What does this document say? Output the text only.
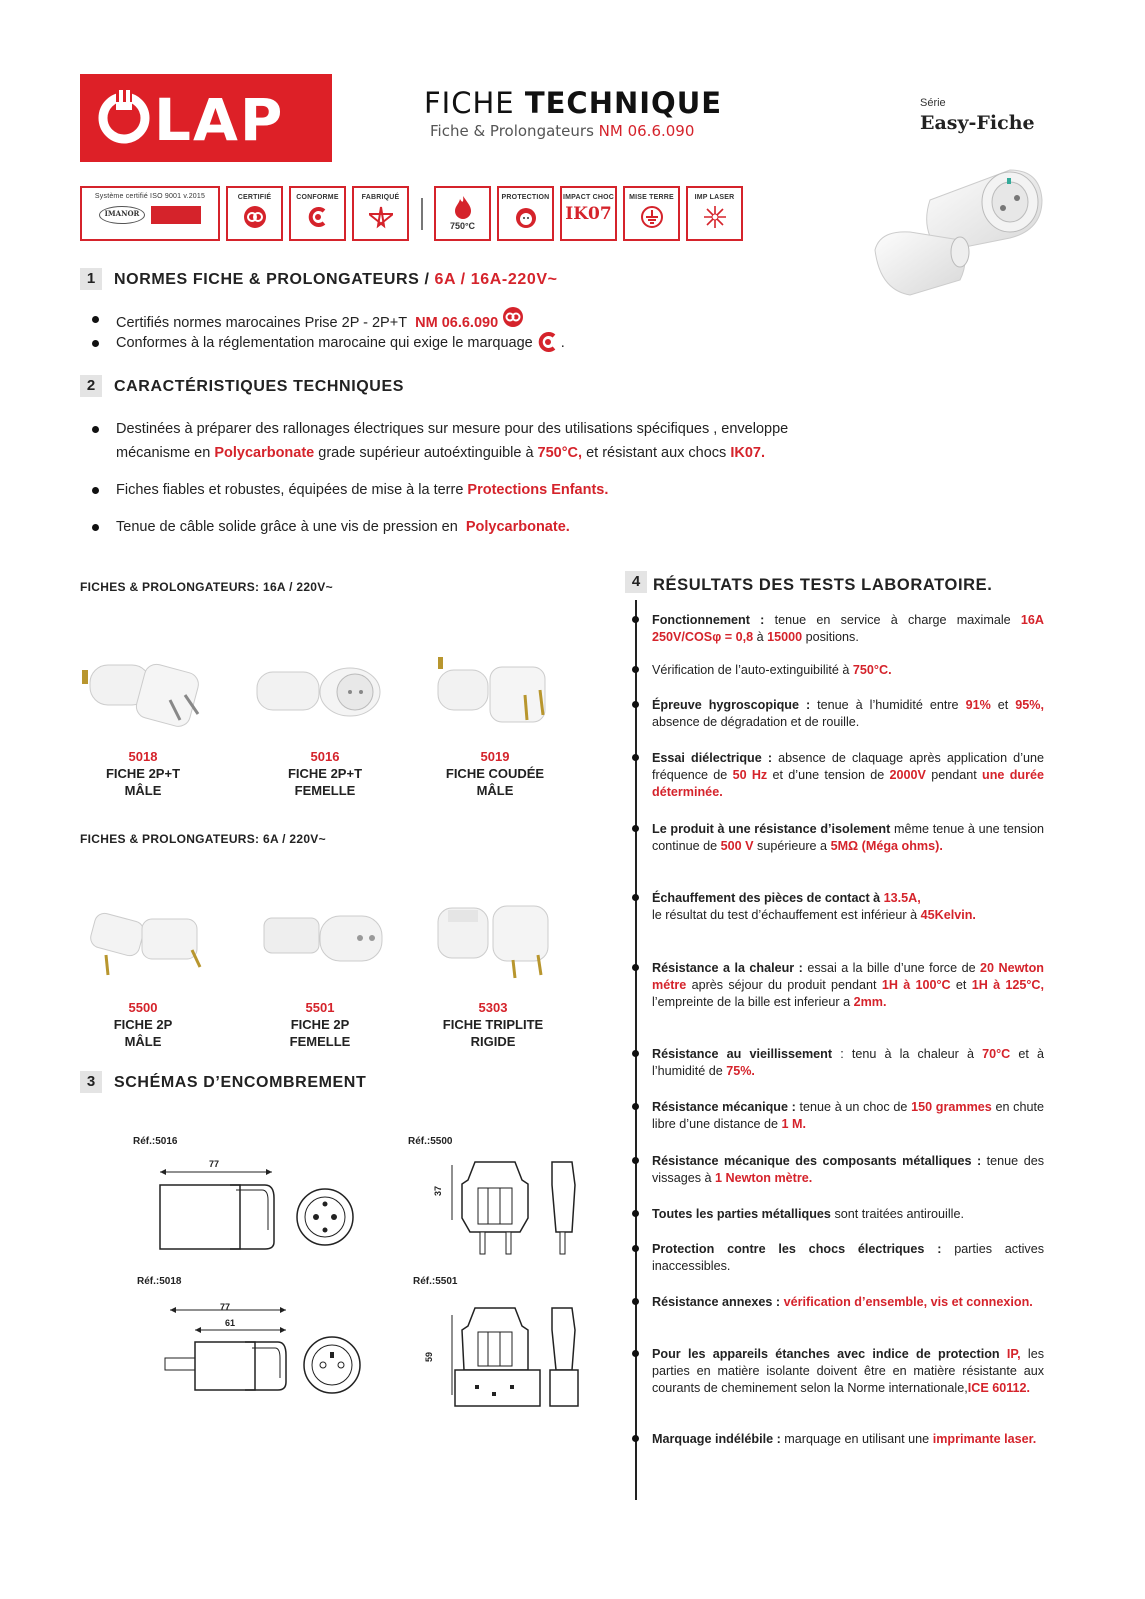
LAP	FICHE TECHNIQUE
Fiche & Prolongateurs NM 06.6.090
Série
Easy-Fiche
Système certifié ISO 9001 v.2015
IMANOR
CERTIFIÉ	CONFORME	FABRIQUÉ
750°C
PROTECTION	IMPACT CHOC
IK07
MISE TERRE	IMP LASER
1	NORMES FICHE & PROLONGATEURS / 6A / 16A-220V~
Certifiés normes marocaines Prise 2P - 2P+T NM 06.6.090
Conformes à la réglementation marocaine qui exige le marquage .
2	CARACTÉRISTIQUES TECHNIQUES
Destinées à préparer des rallonages électriques sur mesure pour des utilisations spécifiques , enveloppe
mécanisme en Polycarbonate grade supérieur autoéxtinguible à 750°C, et résistant aux chocs IK07.
Fiches fiables et robustes, équipées de mise à la terre Protections Enfants.
Tenue de câble solide grâce à une vis de pression en  Polycarbonate.
FICHES & PROLONGATEURS: 16A / 220V~
5018
FICHE 2P+T
MÂLE
5016
FICHE 2P+T
FEMELLE
5019
FICHE COUDÉE
MÂLE
FICHES & PROLONGATEURS: 6A / 220V~
5500
FICHE 2P
MÂLE
5501
FICHE 2P
FEMELLE
5303
FICHE TRIPLITE
RIGIDE
3	SCHÉMAS D’ENCOMBREMENT
Réf.:5016	Réf.:5500
Réf.:5018	Réf.:5501
77
37
77
61
59
4 RÉSULTATS DES TESTS LABORATOIRE.
Fonctionnement : tenue en service à charge maximale 16A 250V/COSφ = 0,8 à 15000 positions.
Vérification de l’auto-extinguibilité à 750°C.
Épreuve hygroscopique : tenue à l’humidité entre 91% et 95%, absence de dégradation et de rouille.
Essai diélectrique : absence de claquage après application d’une fréquence de 50 Hz et d’une tension de 2000V pendant une durée déterminée.
Le produit à une résistance d’isolement même tenue à une tension continue de 500 V supérieure a 5MΩ (Méga ohms).
Échauffement des pièces de contact à 13.5A,
le résultat du test d’échauffement est inférieur à 45Kelvin.
Résistance a la chaleur : essai a la bille d’une force de 20 Newton métre après séjour du produit pendant 1H à 100°C et 1H à 125°C, l’empreinte de la bille est inferieur a 2mm.
Résistance au vieillissement : tenu à la chaleur à 70°C et à l’humidité de 75%.
Résistance mécanique : tenue à un choc de 150 grammes en chute libre d’une distance de 1 M.
Résistance mécanique des composants métalliques : tenue des vissages à 1 Newton mètre.
Toutes les parties métalliques sont traitées antirouille.
Protection contre les chocs électriques : parties actives inaccessibles.
Résistance annexes : vérification d’ensemble, vis et connexion.
Pour les appareils étanches avec indice de protection IP, les parties en matière isolante doivent être en matière résistante aux courants de cheminement selon la Norme internationale,ICE 60112.
Marquage indélébile : marquage en utilisant une imprimante laser.
